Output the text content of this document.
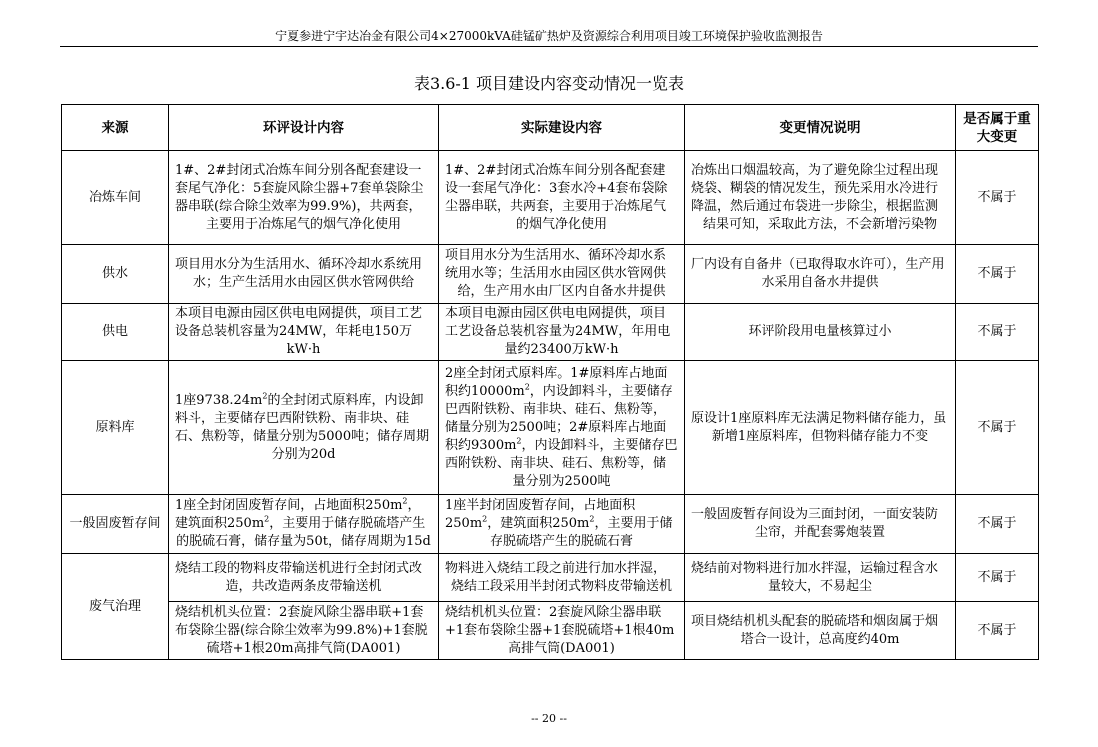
宁夏参进宁宇达冶金有限公司4×27000kVA硅锰矿热炉及资源综合利用项目竣工环境保护验收监测报告
表3.6-1 项目建设内容变动情况一览表
来源	环评设计内容	实际建设内容	变更情况说明	是否属于重大变更
冶炼车间	1#、2#封闭式冶炼车间分别各配套建设一套尾气净化：5套旋风除尘器+7套单袋除尘器串联(综合除尘效率为99.9%)，共两套，主要用于冶炼尾气的烟气净化使用	1#、2#封闭式冶炼车间分别各配套建设一套尾气净化：3套水冷+4套布袋除尘器串联，共两套，主要用于冶炼尾气的烟气净化使用	冶炼出口烟温较高，为了避免除尘过程出现烧袋、糊袋的情况发生，预先采用水冷进行降温，然后通过布袋进一步除尘，根据监测结果可知，采取此方法，不会新增污染物	不属于
供水	项目用水分为生活用水、循环冷却水系统用水；生产生活用水由园区供水管网供给	项目用水分为生活用水、循环冷却水系统用水等；生活用水由园区供水管网供给，生产用水由厂区内自备水井提供	厂内设有自备井（已取得取水许可），生产用水采用自备水井提供	不属于
供电	本项目电源由园区供电电网提供，项目工艺设备总装机容量为24MW，年耗电150万kW·h	本项目电源由园区供电电网提供，项目工艺设备总装机容量为24MW，年用电量约23400万kW·h	环评阶段用电量核算过小	不属于
原料库	1座$9738.24m^2$的全封闭式原料库，内设卸料斗，主要储存巴西附铁粉、南非块、硅石、焦粉等，储量分别为5000吨；储存周期分别为20d	2座全封闭式原料库。1#原料库占地面积约$10000m^2$，内设卸料斗，主要储存巴西附铁粉、南非块、硅石、焦粉等，储量分别为2500吨；2#原料库占地面积约$9300m^2$，内设卸料斗，主要储存巴西附铁粉、南非块、硅石、焦粉等，储量分别为2500吨	原设计1座原料库无法满足物料储存能力，虽新增1座原料库，但物料储存能力不变	不属于
一般固废暂存间	1座全封闭固废暂存间，占地面积$250m^2$，建筑面积$250m^2$，主要用于储存脱硫塔产生的脱硫石膏，储存量为50t，储存周期为15d	1座半封闭固废暂存间，占地面积$250m^2$，建筑面积$250m^2$，主要用于储存脱硫塔产生的脱硫石膏	一般固废暂存间设为三面封闭，一面安装防尘帘，并配套雾炮装置	不属于
废气治理	烧结工段的物料皮带输送机进行全封闭式改造，共改造两条皮带输送机	物料进入烧结工段之前进行加水拌湿，烧结工段采用半封闭式物料皮带输送机	烧结前对物料进行加水拌湿，运输过程含水量较大，不易起尘	不属于
	烧结机机头位置：2套旋风除尘器串联+1套布袋除尘器(综合除尘效率为99.8%)+1套脱硫塔+1根20m高排气筒(DA001)	烧结机机头位置：2套旋风除尘器串联+1套布袋除尘器+1套脱硫塔+1根40m高排气筒(DA001)	项目烧结机机头配套的脱硫塔和烟囱属于烟塔合一设计，总高度约40m	不属于
-- 20 --
